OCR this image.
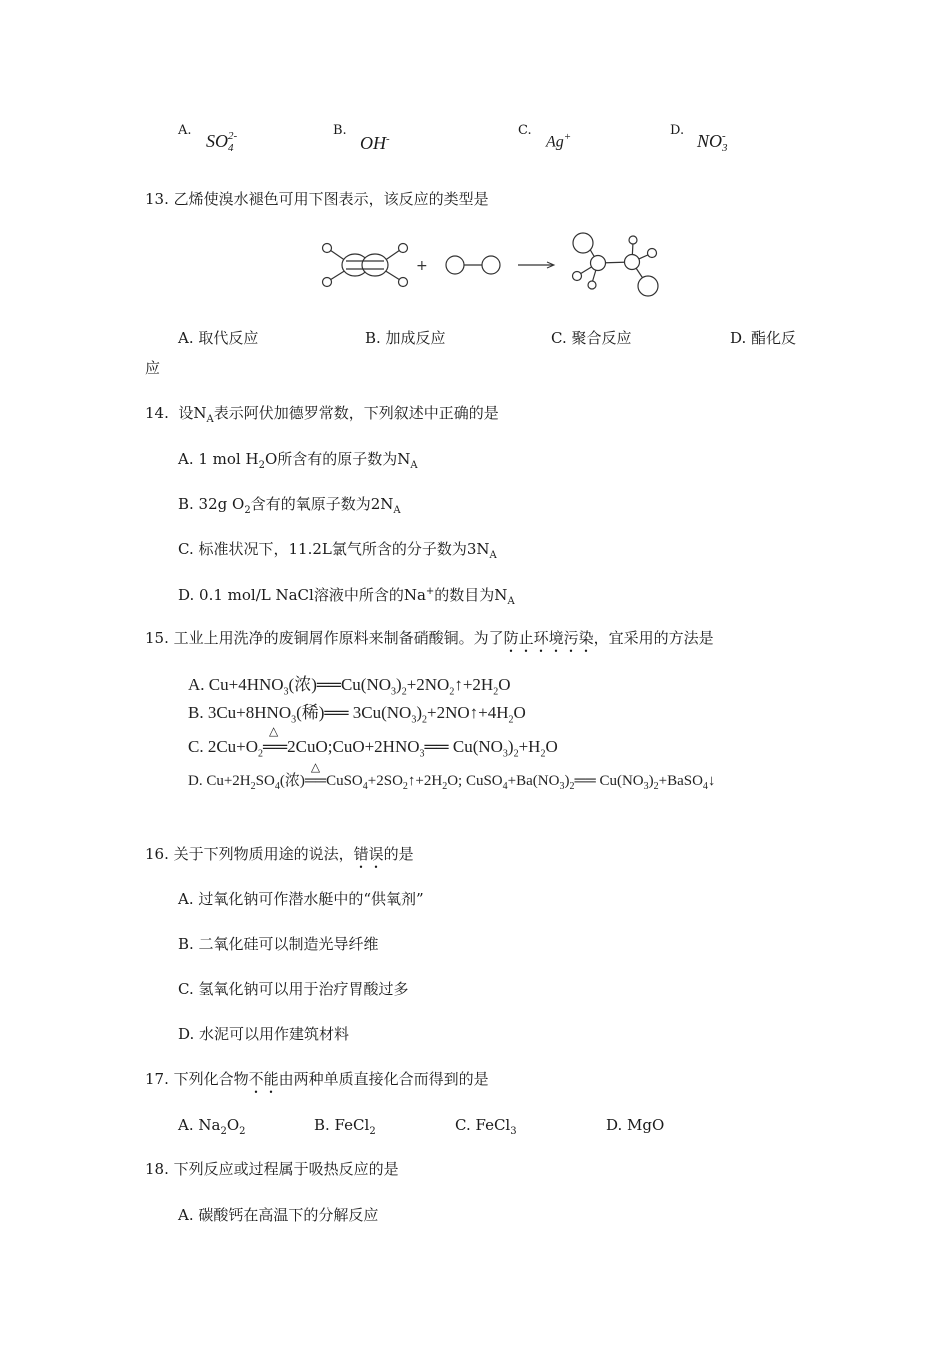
A.
SO 2-
4
B.
OH-
C.
Ag+	D.
NO -
3
13. 乙烯使溴水褪色可用下图表示，该反应的类型是
+
A. 取代反应	B. 加成反应	C. 聚合反应	D. 酯化反
应
14. 设$N_A$表示阿伏加德罗常数，下列叙述中正确的是
A. 1 mol $H_2O$所含有的原子数为$N_A$
B. 32g $O_2$含有的氧原子数为$2N_A$
C. 标准状况下，11.2L氯气所含的分子数为$3N_A$
D. 0.1 mol/L NaCl溶液中所含的Na+的数目为$N_A$
15. 工业上用洗净的废铜屑作原料来制备硝酸铜。为了防止环境污染，宜采用的方法是
A. $Cu+4HNO_3$(浓)$══Cu(NO_3)_2+2NO_2↑+2H_2O$
B. $3Cu+8HNO_3$(稀)══ $3Cu(NO_3)_2+2NO↑+4H_2O$
C. $2Cu+O_2$
△
$══2CuO;CuO+2HNO_3══$ $Cu(NO_3)_2+H_2O$
D. $Cu+2H_2SO_4$(浓)
△
$══CuSO_4+2SO_2↑+2H_2O$; $CuSO_4+Ba(NO_3)_2══$ $Cu(NO_3)_2+BaSO_4↓$
16. 关于下列物质用途的说法，错误的是
A. 过氧化钠可作潜水艇中的“供氧剂”
B. 二氧化硅可以制造光导纤维
C. 氢氧化钠可以用于治疗胃酸过多
D. 水泥可以用作建筑材料
17. 下列化合物不能由两种单质直接化合而得到的是
A. $Na_2O_2$	B. FeCl$_2$	C. FeCl$_3$	D. MgO
18. 下列反应或过程属于吸热反应的是
A. 碳酸钙在高温下的分解反应
